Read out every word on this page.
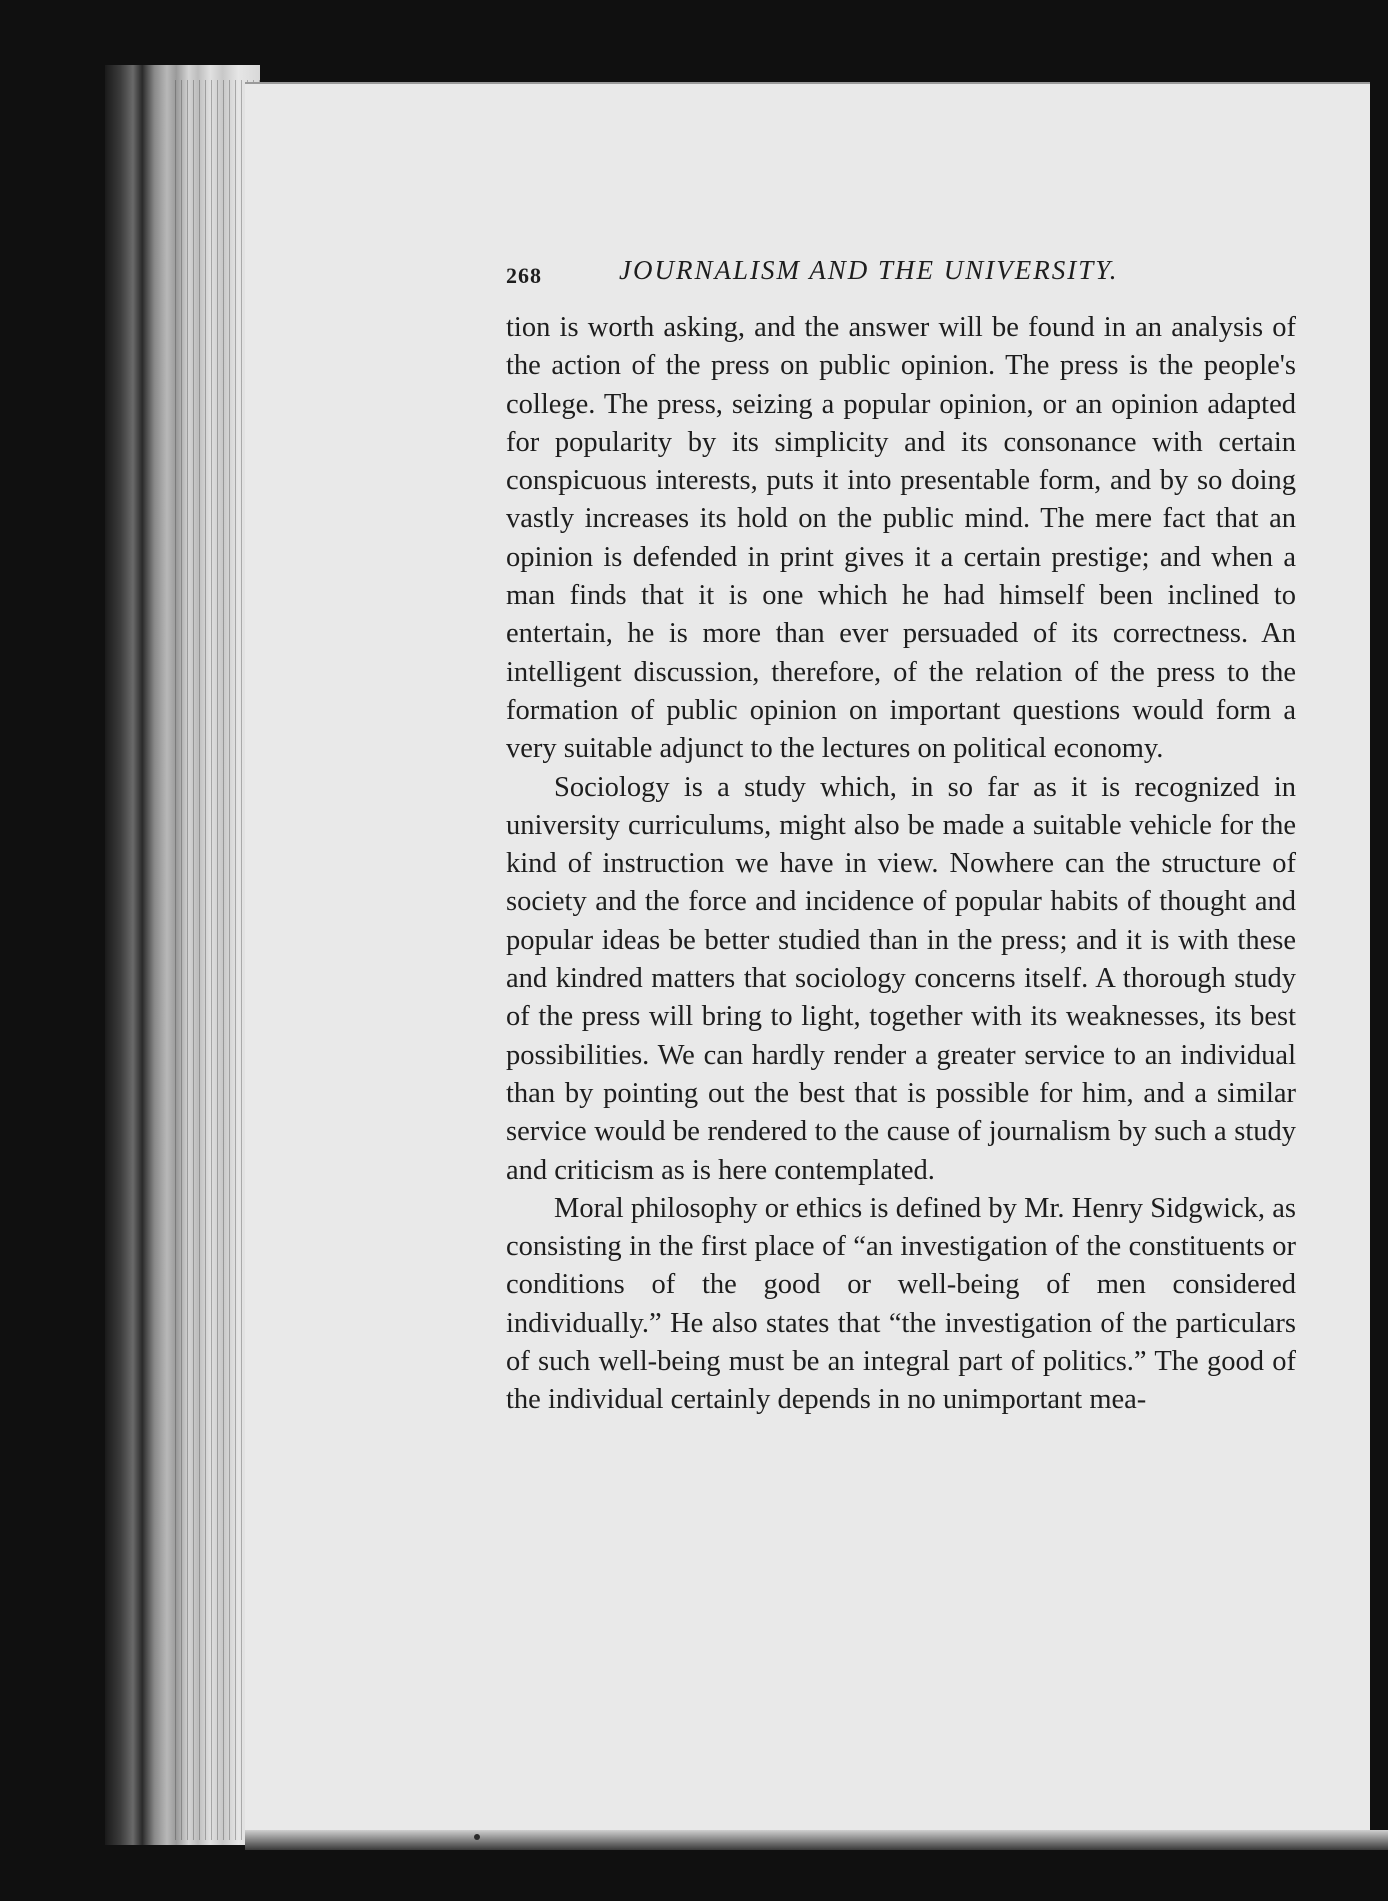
268	JOURNALISM AND THE UNIVERSITY.

tion is worth asking, and the answer will be found in an analysis of the action of the press on public opinion. The press is the people's college. The press, seizing a popular opinion, or an opinion adapted for popularity by its simplicity and its consonance with certain conspicuous interests, puts it into presentable form, and by so doing vastly increases its hold on the public mind. The mere fact that an opinion is defended in print gives it a certain prestige; and when a man finds that it is one which he had himself been inclined to entertain, he is more than ever persuaded of its correctness. An intelligent discussion, therefore, of the relation of the press to the formation of public opinion on important questions would form a very suitable adjunct to the lectures on political economy.

Sociology is a study which, in so far as it is recognized in university curriculums, might also be made a suitable vehicle for the kind of instruction we have in view. Nowhere can the structure of society and the force and incidence of popular habits of thought and popular ideas be better studied than in the press; and it is with these and kindred matters that sociology concerns itself. A thorough study of the press will bring to light, together with its weaknesses, its best possibilities. We can hardly render a greater service to an individual than by pointing out the best that is possible for him, and a similar service would be rendered to the cause of journalism by such a study and criticism as is here contemplated.

Moral philosophy or ethics is defined by Mr. Henry Sidgwick, as consisting in the first place of “an investigation of the constituents or conditions of the good or well-being of men considered individually.” He also states that “the investigation of the particulars of such well-being must be an integral part of politics.” The good of the individual certainly depends in no unimportant mea-
